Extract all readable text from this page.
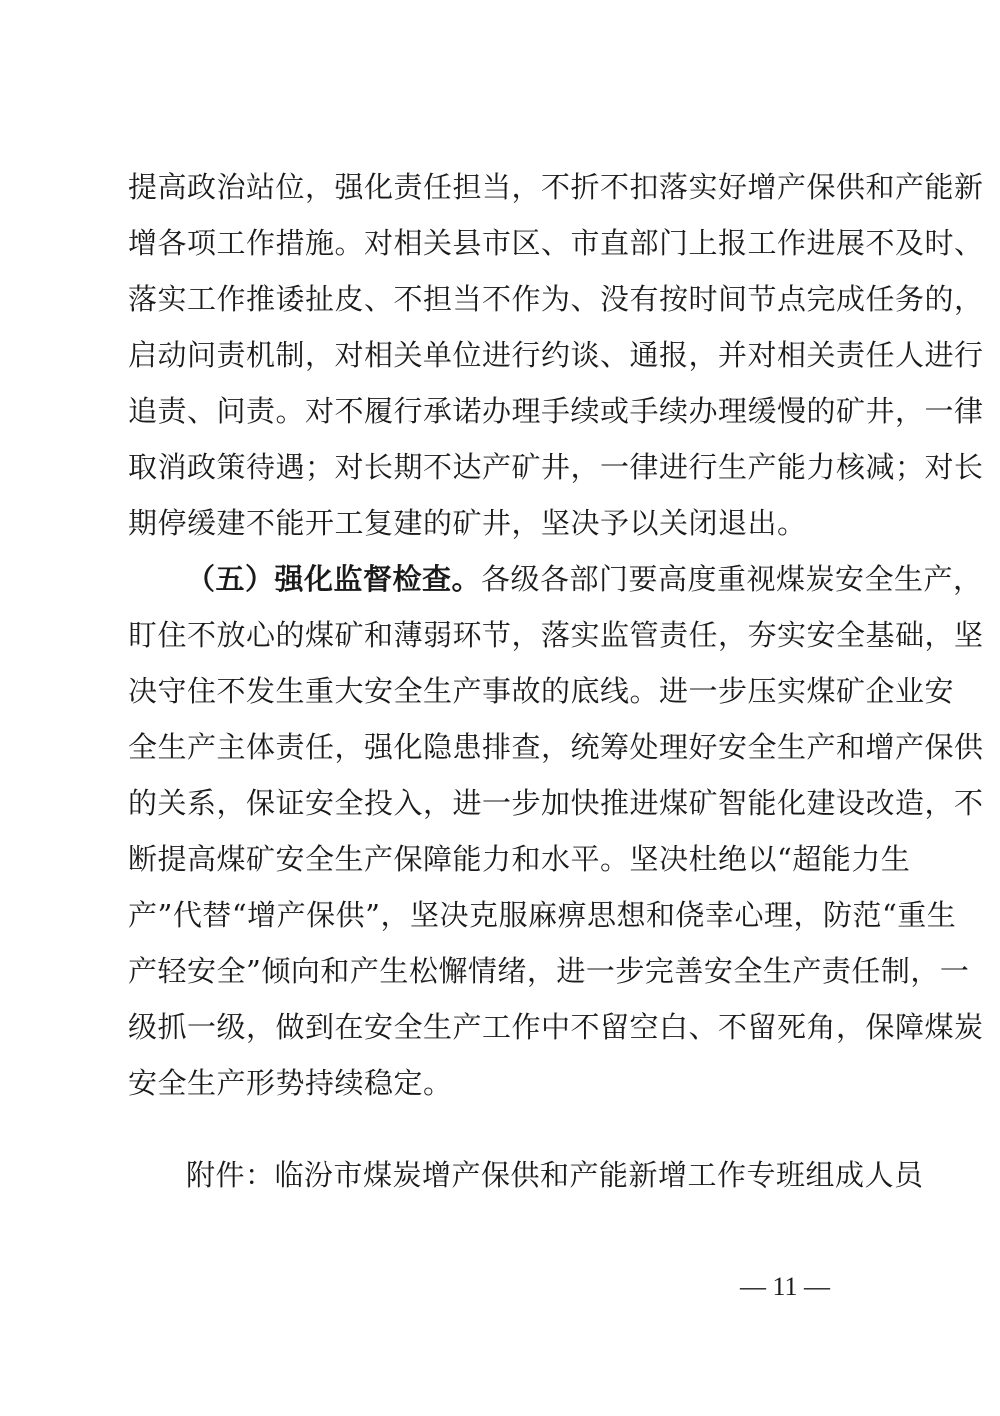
提高政治站位，强化责任担当，不折不扣落实好增产保供和产能新
增各项工作措施。对相关县市区、市直部门上报工作进展不及时、
落实工作推诿扯皮、不担当不作为、没有按时间节点完成任务的，
启动问责机制，对相关单位进行约谈、通报，并对相关责任人进行
追责、问责。对不履行承诺办理手续或手续办理缓慢的矿井，一律
取消政策待遇；对长期不达产矿井，一律进行生产能力核减；对长
期停缓建不能开工复建的矿井，坚决予以关闭退出。
（五）强化监督检查。各级各部门要高度重视煤炭安全生产，
盯住不放心的煤矿和薄弱环节，落实监管责任，夯实安全基础，坚
决守住不发生重大安全生产事故的底线。进一步压实煤矿企业安
全生产主体责任，强化隐患排查，统筹处理好安全生产和增产保供
的关系，保证安全投入，进一步加快推进煤矿智能化建设改造，不
断提高煤矿安全生产保障能力和水平。坚决杜绝以“超能力生
产”代替“增产保供”，坚决克服麻痹思想和侥幸心理，防范“重生
产轻安全”倾向和产生松懈情绪，进一步完善安全生产责任制，一
级抓一级，做到在安全生产工作中不留空白、不留死角，保障煤炭
安全生产形势持续稳定。
附件：临汾市煤炭增产保供和产能新增工作专班组成人员
— 11 —
